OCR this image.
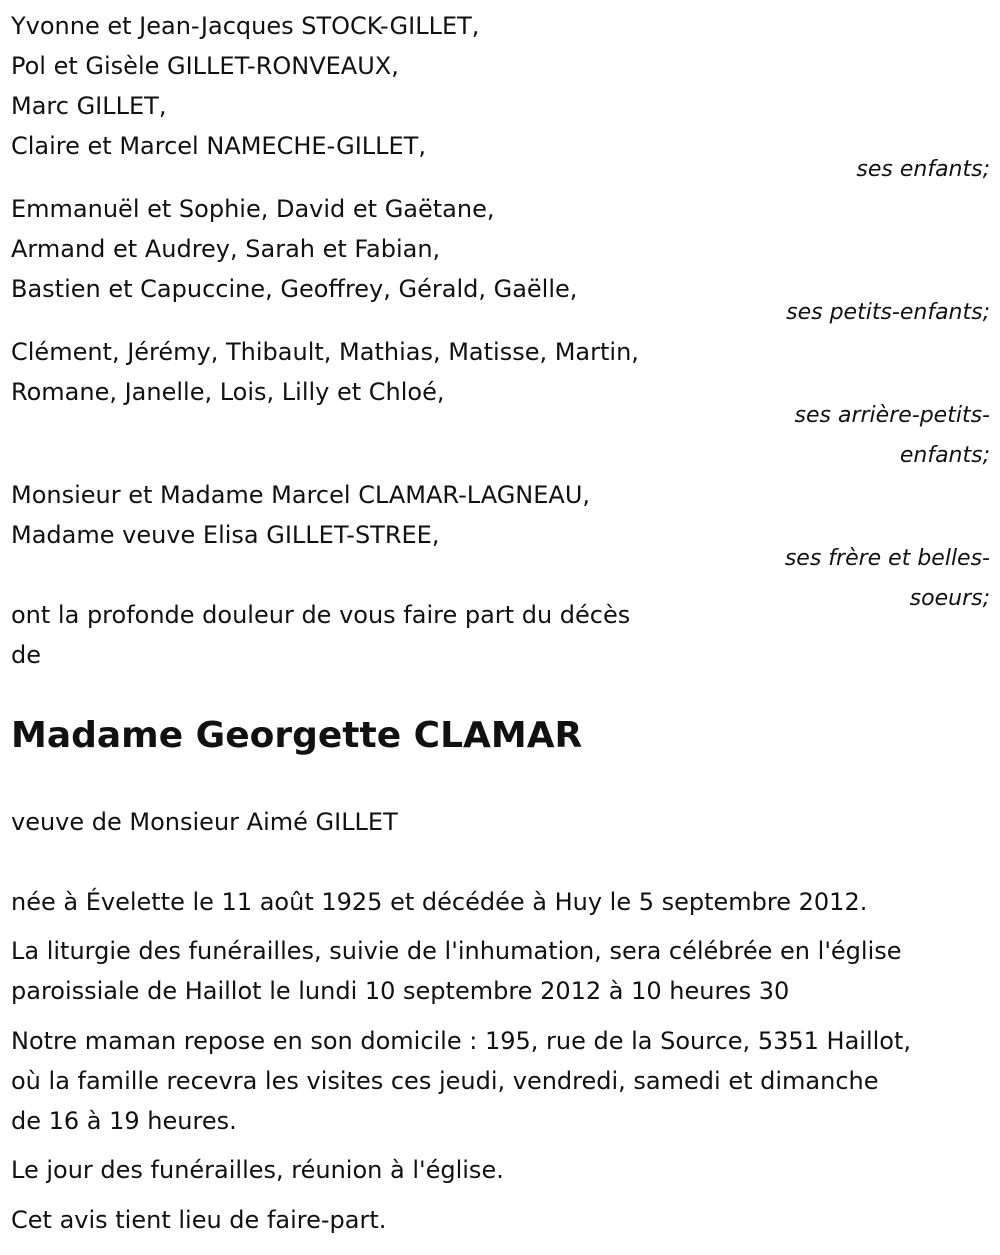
Yvonne et Jean-Jacques STOCK-GILLET,

Pol et Gisèle GILLET-RONVEAUX,

Marc GILLET,

Claire et Marcel NAMECHE-GILLET,

ses enfants;

Emmanuël et Sophie, David et Gaëtane,

Armand et Audrey, Sarah et Fabian,

Bastien et Capuccine, Geoffrey, Gérald, Gaëlle,

ses petits-enfants;

Clément, Jérémy, Thibault, Mathias, Matisse, Martin,

Romane, Janelle, Lois, Lilly et Chloé,

ses arrière-petits-

enfants;

Monsieur et Madame Marcel CLAMAR-LAGNEAU,

Madame veuve Elisa GILLET-STREE,

ses frère et belles-

soeurs;

ont la profonde douleur de vous faire part du décès

de

Madame Georgette CLAMAR

veuve de Monsieur Aimé GILLET

née à Évelette le 11 août 1925 et décédée à Huy le 5 septembre 2012.

La liturgie des funérailles, suivie de l'inhumation, sera célébrée en l'église

paroissiale de Haillot le lundi 10 septembre 2012 à 10 heures 30

Notre maman repose en son domicile : 195, rue de la Source, 5351 Haillot,

où la famille recevra les visites ces jeudi, vendredi, samedi et dimanche

de 16 à 19 heures.

Le jour des funérailles, réunion à l'église.

Cet avis tient lieu de faire-part.
